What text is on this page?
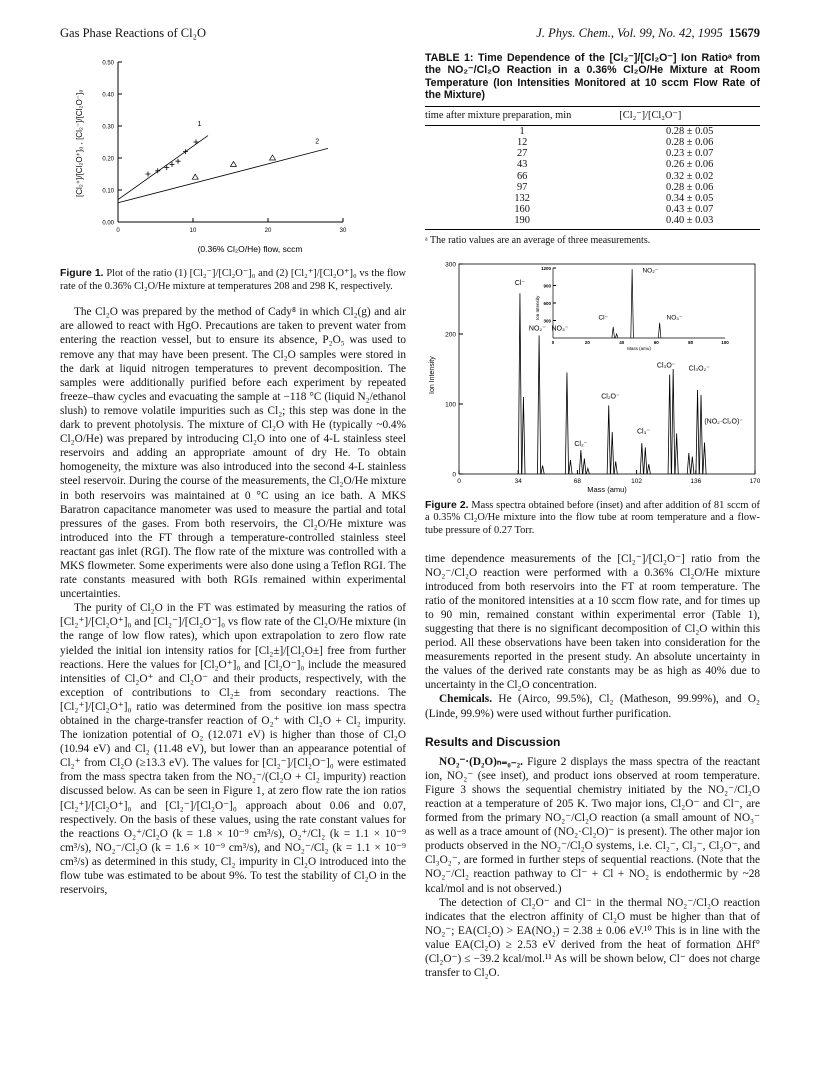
Gas Phase Reactions of Cl₂O	J. Phys. Chem., Vol. 99, No. 42, 1995 15679
0.00
0.10
0.20
0.30
0.40
0.50
0	10	20	30
[Cl₂⁺]/[Cl₂O⁺]₀ , [Cl₂⁻]/[Cl₂O⁻]₀
(0.36% Cl₂O/He) flow, sccm
1
2
Figure 1. Plot of the ratio (1) [Cl₂⁻]/[Cl₂O⁻]₀ and (2) [Cl₂⁺]/[Cl₂O⁺]₀ vs the flow rate of the 0.36% Cl₂O/He mixture at temperatures 208 and 298 K, respectively.

The Cl₂O was prepared by the method of Cady⁸ in which Cl₂(g) and air are allowed to react with HgO. Precautions are taken to prevent water from entering the reaction vessel, but to ensure its absence, P₂O₅ was used to remove any that may have been present. The Cl₂O samples were stored in the dark at liquid nitrogen temperatures to prevent decomposition. The samples were additionally purified before each experiment by repeated freeze–thaw cycles and evacuating the sample at −118 °C (liquid N₂/ethanol slush) to remove volatile impurities such as Cl₂; this step was done in the dark to prevent photolysis. The mixture of Cl₂O with He (typically ~0.4% Cl₂O/He) was prepared by introducing Cl₂O into one of 4-L stainless steel reservoirs and adding an appropriate amount of dry He. To obtain homogeneity, the mixture was also introduced into the second 4-L stainless steel reservoir. During the course of the measurements, the Cl₂O/He mixture in both reservoirs was maintained at 0 °C using an ice bath. A MKS Baratron capacitance manometer was used to measure the partial and total pressures of the gases. From both reservoirs, the Cl₂O/He mixture was introduced into the FT through a temperature-controlled stainless steel reactant gas inlet (RGI). The flow rate of the mixture was controlled with a MKS flowmeter. Some experiments were also done using a Teflon RGI. The rate constants measured with both RGIs remained within experimental uncertainties.

The purity of Cl₂O in the FT was estimated by measuring the ratios of [Cl₂⁺]/[Cl₂O⁺]₀ and [Cl₂⁻]/[Cl₂O⁻]₀ vs flow rate of the Cl₂O/He mixture (in the range of low flow rates), which upon extrapolation to zero flow rate yielded the initial ion intensity ratios for [Cl₂±]/[Cl₂O±] free from further reactions. Here the values for [Cl₂O⁺]₀ and [Cl₂O⁻]₀ include the measured intensities of Cl₂O⁺ and Cl₂O⁻ and their products, respectively, with the exception of contributions to Cl₂± from secondary reactions. The [Cl₂⁺]/[Cl₂O⁺]₀ ratio was determined from the positive ion mass spectra obtained in the charge-transfer reaction of O₂⁺ with Cl₂O + Cl₂ impurity. The ionization potential of O₂ (12.071 eV) is higher than those of Cl₂O (10.94 eV) and Cl₂ (11.48 eV), but lower than an appearance potential of Cl₂⁺ from Cl₂O (≥13.3 eV). The values for [Cl₂⁻]/[Cl₂O⁻]₀ were estimated from the mass spectra taken from the NO₂⁻/(Cl₂O + Cl₂ impurity) reaction discussed below. As can be seen in Figure 1, at zero flow rate the ion ratios [Cl₂⁺]/[Cl₂O⁺]₀ and [Cl₂⁻]/[Cl₂O⁻]₀ approach about 0.06 and 0.07, respectively. On the basis of these values, using the rate constant values for the reactions O₂⁺/Cl₂O (k = 1.8 × 10⁻⁹ cm³/s), O₂⁺/Cl₂ (k = 1.1 × 10⁻⁹ cm³/s), NO₂⁻/Cl₂O (k = 1.6 × 10⁻⁹ cm³/s), and NO₂⁻/Cl₂ (k = 1.1 × 10⁻⁹ cm³/s) as determined in this study, Cl₂ impurity in Cl₂O introduced into the flow tube was estimated to be about 9%. To test the stability of Cl₂O in the reservoirs,

TABLE 1: Time Dependence of the [Cl₂⁻]/[Cl₂O⁻] Ion Ratioᵃ from the NO₂⁻/Cl₂O Reaction in a 0.36% Cl₂O/He Mixture at Room Temperature (Ion Intensities Monitored at 10 sccm Flow Rate of the Mixture)
time after mixture preparation, min	[Cl₂⁻]/[Cl₂O⁻]
1	0.28 ± 0.05
12	0.28 ± 0.06
27	0.23 ± 0.07
43	0.26 ± 0.06
66	0.32 ± 0.02
97	0.28 ± 0.06
132	0.34 ± 0.05
160	0.43 ± 0.07
190	0.40 ± 0.03
ᵃ The ratio values are an average of three measurements.
0
100
200
300
0	34	68	102	136	170
Ion Intensity
Mass (amu)
Cl⁻
NO₂⁻ NO₃⁻
Cl₂⁻
Cl₂O⁻
Cl₃⁻
Cl₃O⁻ Cl₃O₂⁻
(NO₂·Cl₂O)⁻
300
600
900
1200
0	20	40	60	80	100
Mass (amu)
Ion Intensity
NO₂⁻
Cl⁻	NO₃⁻
Figure 2. Mass spectra obtained before (inset) and after addition of 81 sccm of a 0.35% Cl₂O/He mixture into the flow tube at room temperature and a flow-tube pressure of 0.27 Torr.

time dependence measurements of the [Cl₂⁻]/[Cl₂O⁻] ratio from the NO₂⁻/Cl₂O reaction were performed with a 0.36% Cl₂O/He mixture introduced from both reservoirs into the FT at room temperature. The ratio of the monitored intensities at a 10 sccm flow rate, and for times up to 90 min, remained constant within experimental error (Table 1), suggesting that there is no significant decomposition of Cl₂O within this period. All these observations have been taken into consideration for the measurements reported in the present study. An absolute uncertainty in the values of the derived rate constants may be as high as 40% due to uncertainty in the Cl₂O concentration.

Chemicals. He (Airco, 99.5%), Cl₂ (Matheson, 99.99%), and O₂ (Linde, 99.9%) were used without further purification.

Results and Discussion

NO₂⁻·(D₂O)ₙ₌₀₋₂. Figure 2 displays the mass spectra of the reactant ion, NO₂⁻ (see inset), and product ions observed at room temperature. Figure 3 shows the sequential chemistry initiated by the NO₂⁻/Cl₂O reaction at a temperature of 205 K. Two major ions, Cl₂O⁻ and Cl⁻, are formed from the primary NO₂⁻/Cl₂O reaction (a small amount of NO₃⁻ as well as a trace amount of (NO₂·Cl₂O)⁻ is present). The other major ion products observed in the NO₂⁻/Cl₂O systems, i.e. Cl₂⁻, Cl₃⁻, Cl₃O⁻, and Cl₃O₂⁻, are formed in further steps of sequential reactions. (Note that the NO₂⁻/Cl₂ reaction pathway to Cl⁻ + Cl + NO₂ is endothermic by ~28 kcal/mol and is not observed.)

The detection of Cl₂O⁻ and Cl⁻ in the thermal NO₂⁻/Cl₂O reaction indicates that the electron affinity of Cl₂O must be higher than that of NO₂⁻; EA(Cl₂O) > EA(NO₂) = 2.38 ± 0.06 eV.¹⁰ This is in line with the value EA(Cl₂O) ≥ 2.53 eV derived from the heat of formation ΔHf°(Cl₂O⁻) ≤ −39.2 kcal/mol.¹¹ As will be shown below, Cl⁻ does not charge transfer to Cl₂O.
